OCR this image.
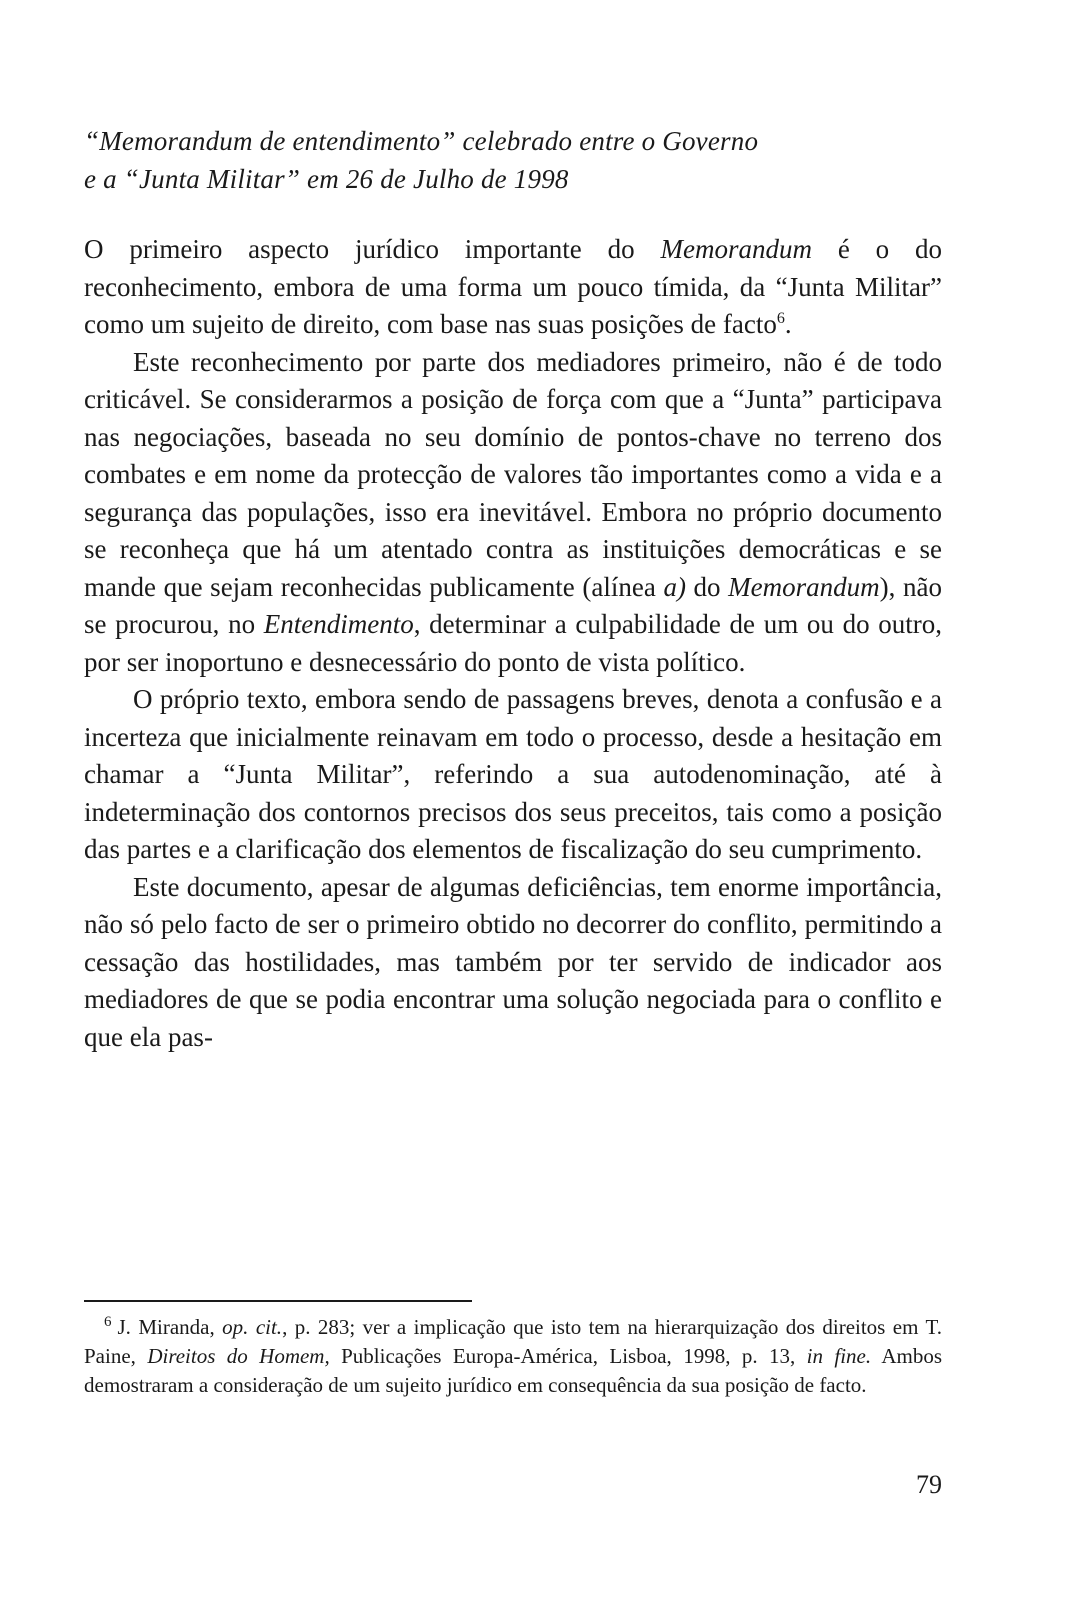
“Memorandum de entendimento” celebrado entre o Governo
e a “Junta Militar” em 26 de Julho de 1998

O primeiro aspecto jurídico importante do Memorandum é o do reconhecimento, embora de uma forma um pouco tímida, da “Junta Militar” como um sujeito de direito, com base nas suas posições de facto$^6$.

Este reconhecimento por parte dos mediadores primeiro, não é de todo criticável. Se considerarmos a posição de força com que a “Junta” participava nas negociações, baseada no seu domínio de pontos-chave no terreno dos combates e em nome da protecção de valores tão importantes como a vida e a segurança das populações, isso era inevitável. Embora no próprio documento se reconheça que há um atentado contra as instituições democráticas e se mande que sejam reconhecidas publicamente (alínea a) do Memorandum), não se procurou, no Entendimento, determinar a culpabilidade de um ou do outro, por ser inoportuno e desnecessário do ponto de vista político.

O próprio texto, embora sendo de passagens breves, denota a confusão e a incerteza que inicialmente reinavam em todo o processo, desde a hesitação em chamar a “Junta Militar”, referindo a sua autodenominação, até à indeterminação dos contornos precisos dos seus preceitos, tais como a posição das partes e a clarificação dos elementos de fiscalização do seu cumprimento.

Este documento, apesar de algumas deficiências, tem enorme importância, não só pelo facto de ser o primeiro obtido no decorrer do conflito, permitindo a cessação das hostilidades, mas também por ter servido de indicador aos mediadores de que se podia encontrar uma solução negociada para o conflito e que ela pas-

$^6$ J. Miranda, op. cit., p. 283; ver a implicação que isto tem na hierarquização dos direitos em T. Paine, Direitos do Homem, Publicações Europa-América, Lisboa, 1998, p. 13, in fine. Ambos demostraram a consideração de um sujeito jurídico em consequência da sua posição de facto.

79
